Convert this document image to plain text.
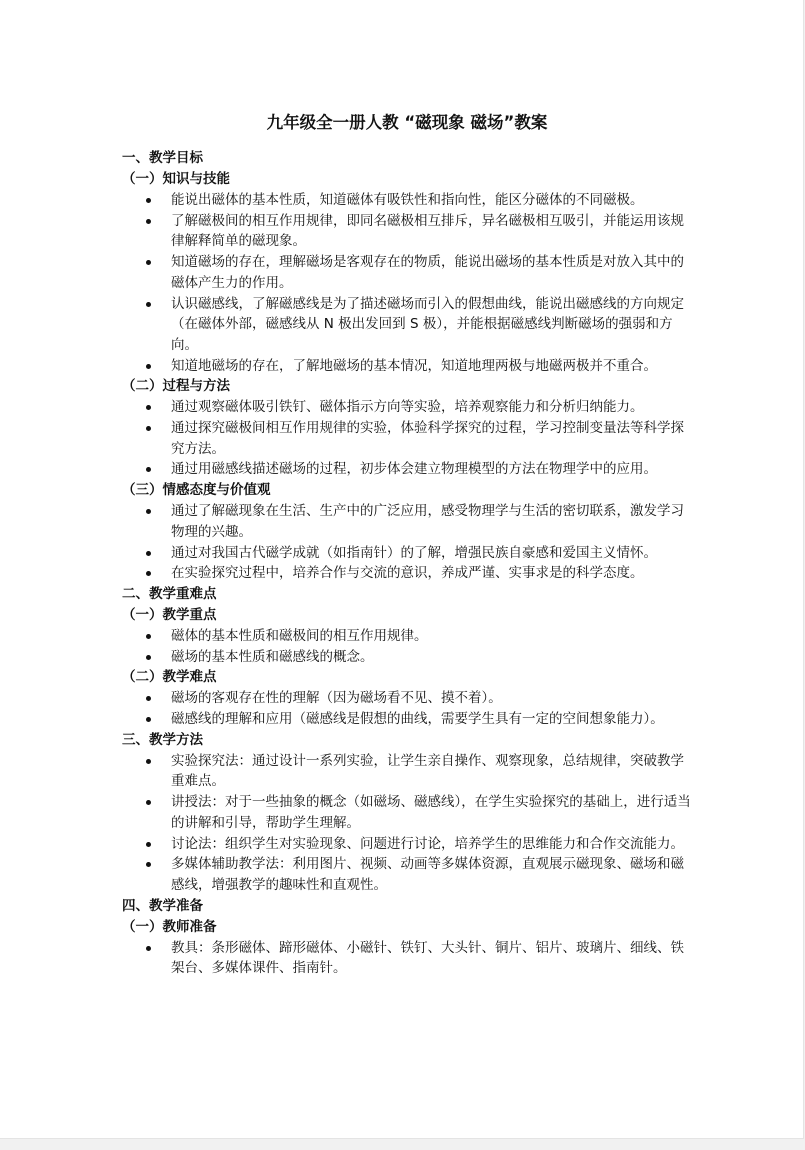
九年级全一册人教 “磁现象 磁场”教案
一、教学目标
（一）知识与技能
能说出磁体的基本性质，知道磁体有吸铁性和指向性，能区分磁体的不同磁极。
了解磁极间的相互作用规律，即同名磁极相互排斥，异名磁极相互吸引，并能运用该规律解释简单的磁现象。
知道磁场的存在，理解磁场是客观存在的物质，能说出磁场的基本性质是对放入其中的磁体产生力的作用。
认识磁感线，了解磁感线是为了描述磁场而引入的假想曲线，能说出磁感线的方向规定（在磁体外部，磁感线从 N 极出发回到 S 极），并能根据磁感线判断磁场的强弱和方向。
知道地磁场的存在，了解地磁场的基本情况，知道地理两极与地磁两极并不重合。
（二）过程与方法
通过观察磁体吸引铁钉、磁体指示方向等实验，培养观察能力和分析归纳能力。
通过探究磁极间相互作用规律的实验，体验科学探究的过程，学习控制变量法等科学探究方法。
通过用磁感线描述磁场的过程，初步体会建立物理模型的方法在物理学中的应用。
（三）情感态度与价值观
通过了解磁现象在生活、生产中的广泛应用，感受物理学与生活的密切联系，激发学习物理的兴趣。
通过对我国古代磁学成就（如指南针）的了解，增强民族自豪感和爱国主义情怀。
在实验探究过程中，培养合作与交流的意识，养成严谨、实事求是的科学态度。
二、教学重难点
（一）教学重点
磁体的基本性质和磁极间的相互作用规律。
磁场的基本性质和磁感线的概念。
（二）教学难点
磁场的客观存在性的理解（因为磁场看不见、摸不着）。
磁感线的理解和应用（磁感线是假想的曲线，需要学生具有一定的空间想象能力）。
三、教学方法
实验探究法：通过设计一系列实验，让学生亲自操作、观察现象，总结规律，突破教学重难点。
讲授法：对于一些抽象的概念（如磁场、磁感线），在学生实验探究的基础上，进行适当的讲解和引导，帮助学生理解。
讨论法：组织学生对实验现象、问题进行讨论，培养学生的思维能力和合作交流能力。
多媒体辅助教学法：利用图片、视频、动画等多媒体资源，直观展示磁现象、磁场和磁感线，增强教学的趣味性和直观性。
四、教学准备
（一）教师准备
教具：条形磁体、蹄形磁体、小磁针、铁钉、大头针、铜片、铝片、玻璃片、细线、铁架台、多媒体课件、指南针。
